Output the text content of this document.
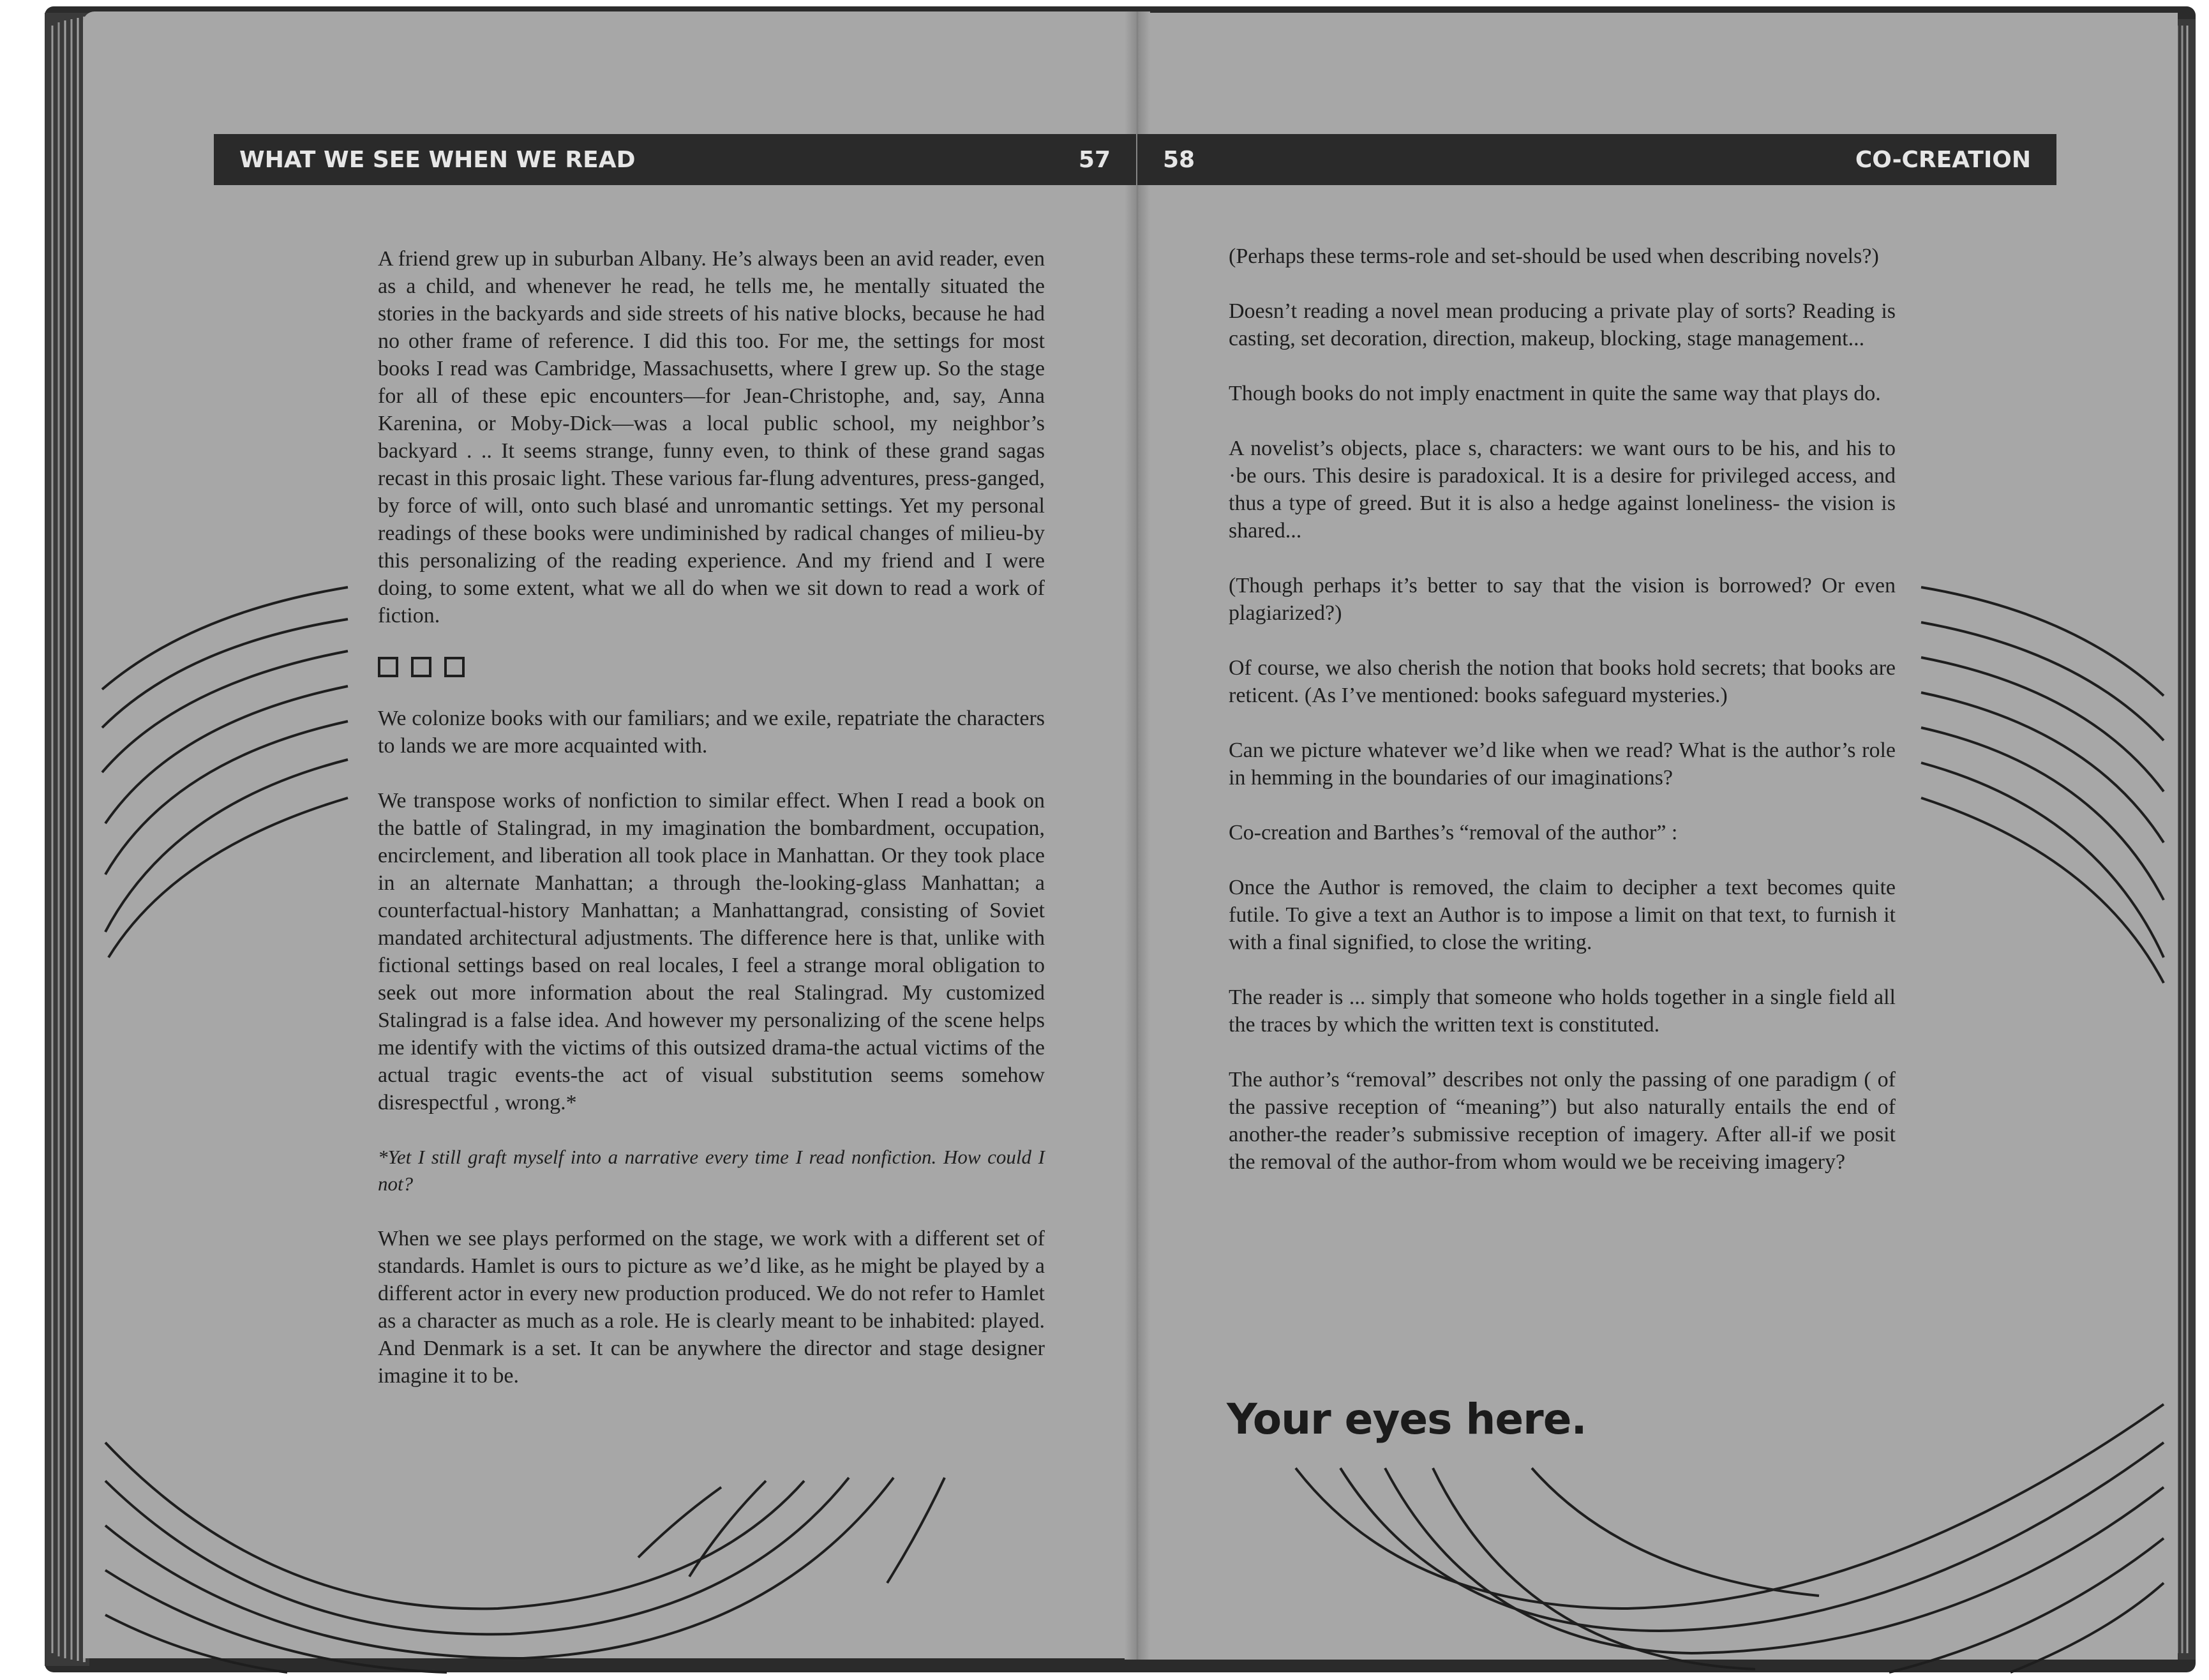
WHAT WE SEE WHEN WE READ	57 58	CO-CREATION

A friend grew up in suburban Albany. He’s always been an avid reader, even as a child, and whenever he read, he tells me, he mentally situated the stories in the backyards and side streets of his native blocks, because he had no other frame of reference. I did this too. For me, the settings for most books I read was Cambridge, Massachusetts, where I grew up. So the stage for all of these epic encounters—for Jean-Christophe, and, say, Anna Karenina, or Moby-Dick—was a local public school, my neighbor’s backyard . .. It seems strange, funny even, to think of these grand sagas recast in this prosaic light. These various far-flung adventures, press-ganged, by force of will, onto such blasé and unromantic settings. Yet my personal readings of these books were undiminished by radical changes of milieu-by this personalizing of the reading experience. And my friend and I were doing, to some extent, what we all do when we sit down to read a work of fiction.

We colonize books with our familiars; and we exile, repatriate the characters to lands we are more acquainted with.

We transpose works of nonfiction to similar effect. When I read a book on the battle of Stalingrad, in my imagination the bombardment, occupation, encirclement, and liberation all took place in Manhattan. Or they took place in an alternate Manhattan; a through the-looking-glass Manhattan; a counterfactual-history Manhattan; a Manhattangrad, consisting of Soviet mandated architectural adjustments. The difference here is that, unlike with fictional settings based on real locales, I feel a strange moral obligation to seek out more information about the real Stalingrad. My customized Stalingrad is a false idea. And however my personalizing of the scene helps me identify with the victims of this outsized drama-the actual victims of the actual tragic events-the act of visual substitution seems somehow disrespectful , wrong.*

*Yet I still graft myself into a narrative every time I read nonfiction. How could I not?

When we see plays performed on the stage, we work with a different set of standards. Hamlet is ours to picture as we’d like, as he might be played by a different actor in every new production produced. We do not refer to Hamlet as a character as much as a role. He is clearly meant to be inhabited: played. And Denmark is a set. It can be anywhere the director and stage designer imagine it to be.

(Perhaps these terms-role and set-should be used when describing novels?)

Doesn’t reading a novel mean producing a private play of sorts? Reading is casting, set decoration, direction, makeup, blocking, stage management...

Though books do not imply enactment in quite the same way that plays do.

A novelist’s objects, place s, characters: we want ours to be his, and his to ·be ours. This desire is paradoxical. It is a desire for privileged access, and thus a type of greed. But it is also a hedge against loneliness- the vision is shared...

(Though perhaps it’s better to say that the vision is borrowed? Or even plagiarized?)

Of course, we also cherish the notion that books hold secrets; that books are reticent. (As I’ve mentioned: books safeguard mysteries.)

Can we picture whatever we’d like when we read? What is the author’s role in hemming in the boundaries of our imaginations?

Co-creation and Barthes’s “removal of the author” :

Once the Author is removed, the claim to decipher a text becomes quite futile. To give a text an Author is to impose a limit on that text, to furnish it with a final signified, to close the writing.

The reader is ... simply that someone who holds together in a single field all the traces by which the written text is constituted.

The author’s “removal” describes not only the passing of one paradigm ( of the passive reception of “meaning”) but also naturally entails the end of another-the reader’s submissive reception of imagery. After all-if we posit the removal of the author-from whom would we be receiving imagery?

Your eyes here.
